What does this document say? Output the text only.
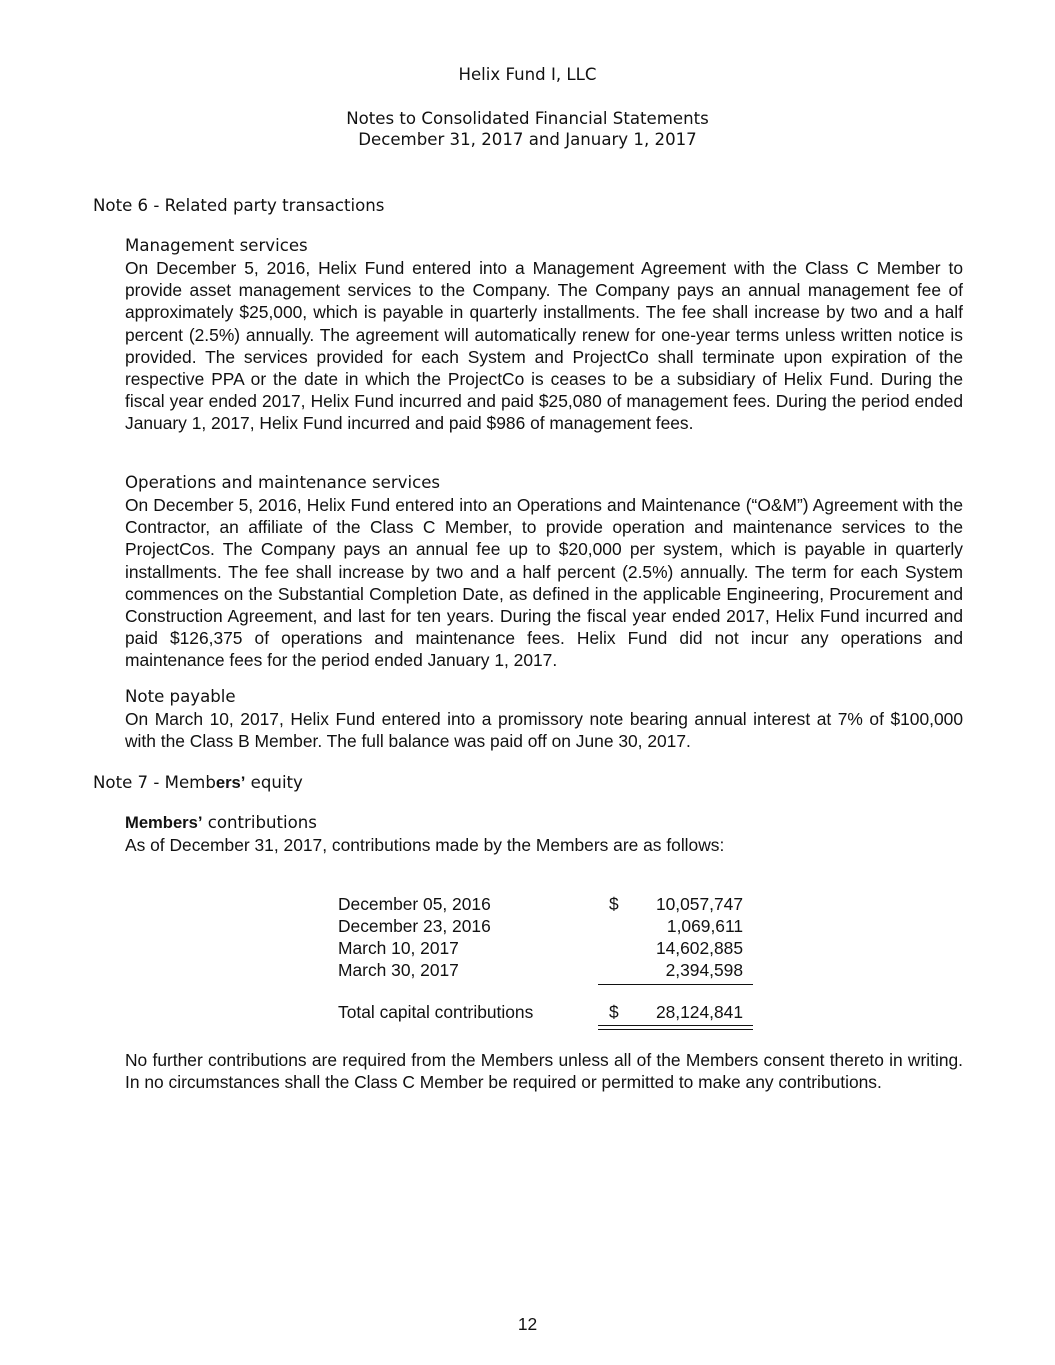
Helix Fund I, LLC
Notes to Consolidated Financial Statements
December 31, 2017 and January 1, 2017
Note 6 - Related party transactions
Management services

On December 5, 2016, Helix Fund entered into a Management Agreement with the Class C Member to provide asset management services to the Company. The Company pays an annual management fee of approximately $25,000, which is payable in quarterly installments. The fee shall increase by two and a half percent (2.5%) annually. The agreement will automatically renew for one-year terms unless written notice is provided. The services provided for each System and ProjectCo shall terminate upon expiration of the respective PPA or the date in which the ProjectCo is ceases to be a subsidiary of Helix Fund. During the fiscal year ended 2017, Helix Fund incurred and paid $25,080 of management fees. During the period ended January 1, 2017, Helix Fund incurred and paid $986 of management fees.

Operations and maintenance services

On December 5, 2016, Helix Fund entered into an Operations and Maintenance (“O&M”) Agreement with the Contractor, an affiliate of the Class C Member, to provide operation and maintenance services to the ProjectCos. The Company pays an annual fee up to $20,000 per system, which is payable in quarterly installments. The fee shall increase by two and a half percent (2.5%) annually. The term for each System commences on the Substantial Completion Date, as defined in the applicable Engineering, Procurement and Construction Agreement, and last for ten years. During the fiscal year ended 2017, Helix Fund incurred and paid $126,375 of operations and maintenance fees. Helix Fund did not incur any operations and maintenance fees for the period ended January 1, 2017.

Note payable

On March 10, 2017, Helix Fund entered into a promissory note bearing annual interest at 7% of $100,000 with the Class B Member. The full balance was paid off on June 30, 2017.

Note 7 - Members’ equity
Members’ contributions

As of December 31, 2017, contributions made by the Members are as follows:

December 05, 2016	$	10,057,747
December 23, 2016	1,069,611
March 10, 2017	14,602,885
March 30, 2017	2,394,598
Total capital contributions	$	28,124,841

No further contributions are required from the Members unless all of the Members consent thereto in writing. In no circumstances shall the Class C Member be required or permitted to make any contributions.

12
